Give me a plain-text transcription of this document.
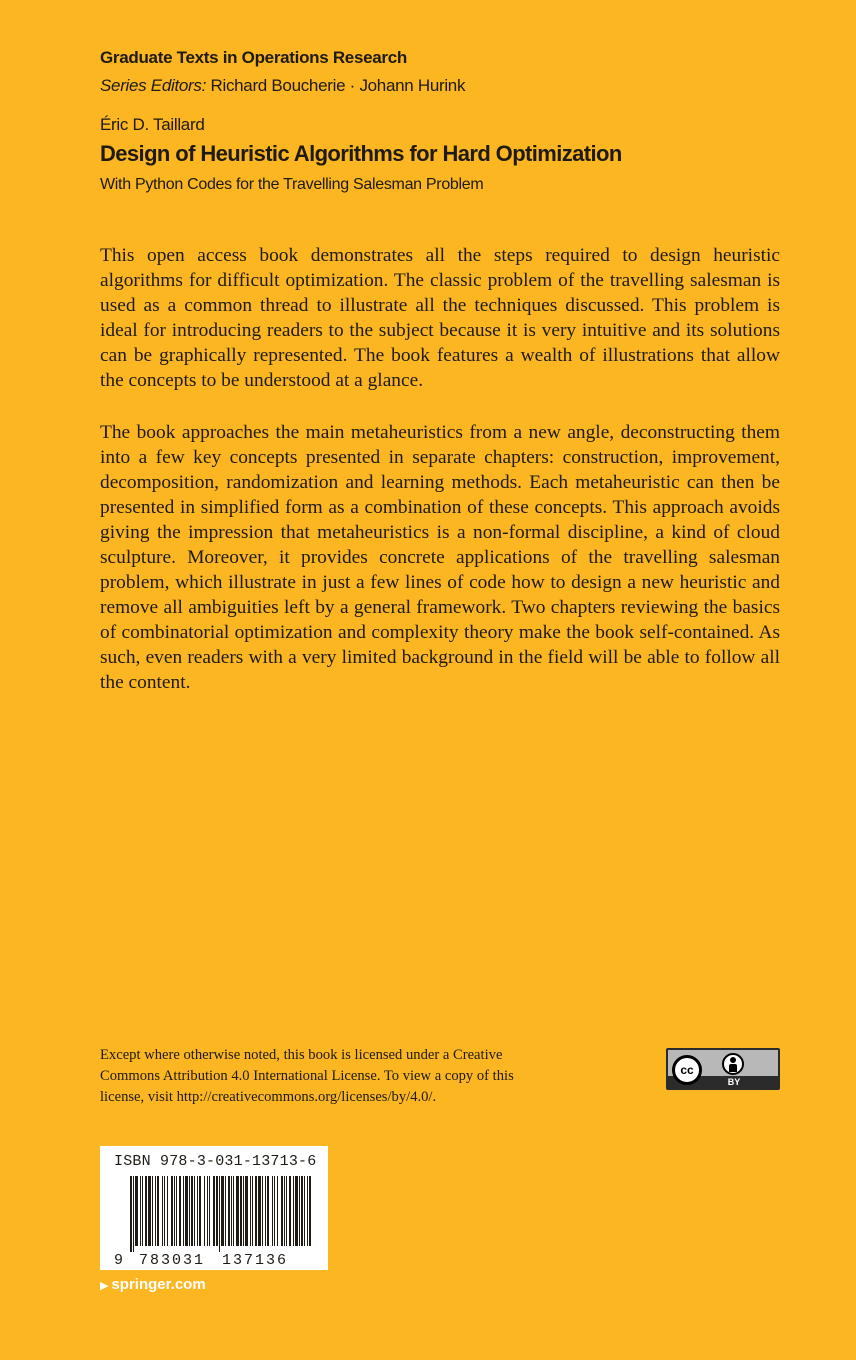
Graduate Texts in Operations Research
Series Editors: Richard Boucherie · Johann Hurink
Éric D. Taillard
Design of Heuristic Algorithms for Hard Optimization
With Python Codes for the Travelling Salesman Problem

This open access book demonstrates all the steps required to design heuristic algorithms for difficult optimization. The classic problem of the travelling salesman is used as a common thread to illustrate all the techniques discussed. This problem is ideal for introducing readers to the subject because it is very intuitive and its solutions can be graphically represented. The book features a wealth of illustrations that allow the concepts to be understood at a glance.

The book approaches the main metaheuristics from a new angle, deconstructing them into a few key concepts presented in separate chapters: construction, improvement, decomposition, randomization and learning methods. Each metaheuristic can then be presented in simplified form as a combination of these concepts. This approach avoids giving the impression that metaheuristics is a non-formal discipline, a kind of cloud sculpture. Moreover, it provides concrete applications of the travelling salesman problem, which illustrate in just a few lines of code how to design a new heuristic and remove all ambiguities left by a general framework. Two chapters reviewing the basics of combinatorial optimization and complexity theory make the book self-contained. As such, even readers with a very limited background in the field will be able to follow all the content.

Except where otherwise noted, this book is licensed under a Creative
Commons Attribution 4.0 International License. To view a copy of this
license, visit http://creativecommons.org/licenses/by/4.0/.
cc
BY
ISBN 978-3-031-13713-6
9 783031 137136
▶ springer.com
